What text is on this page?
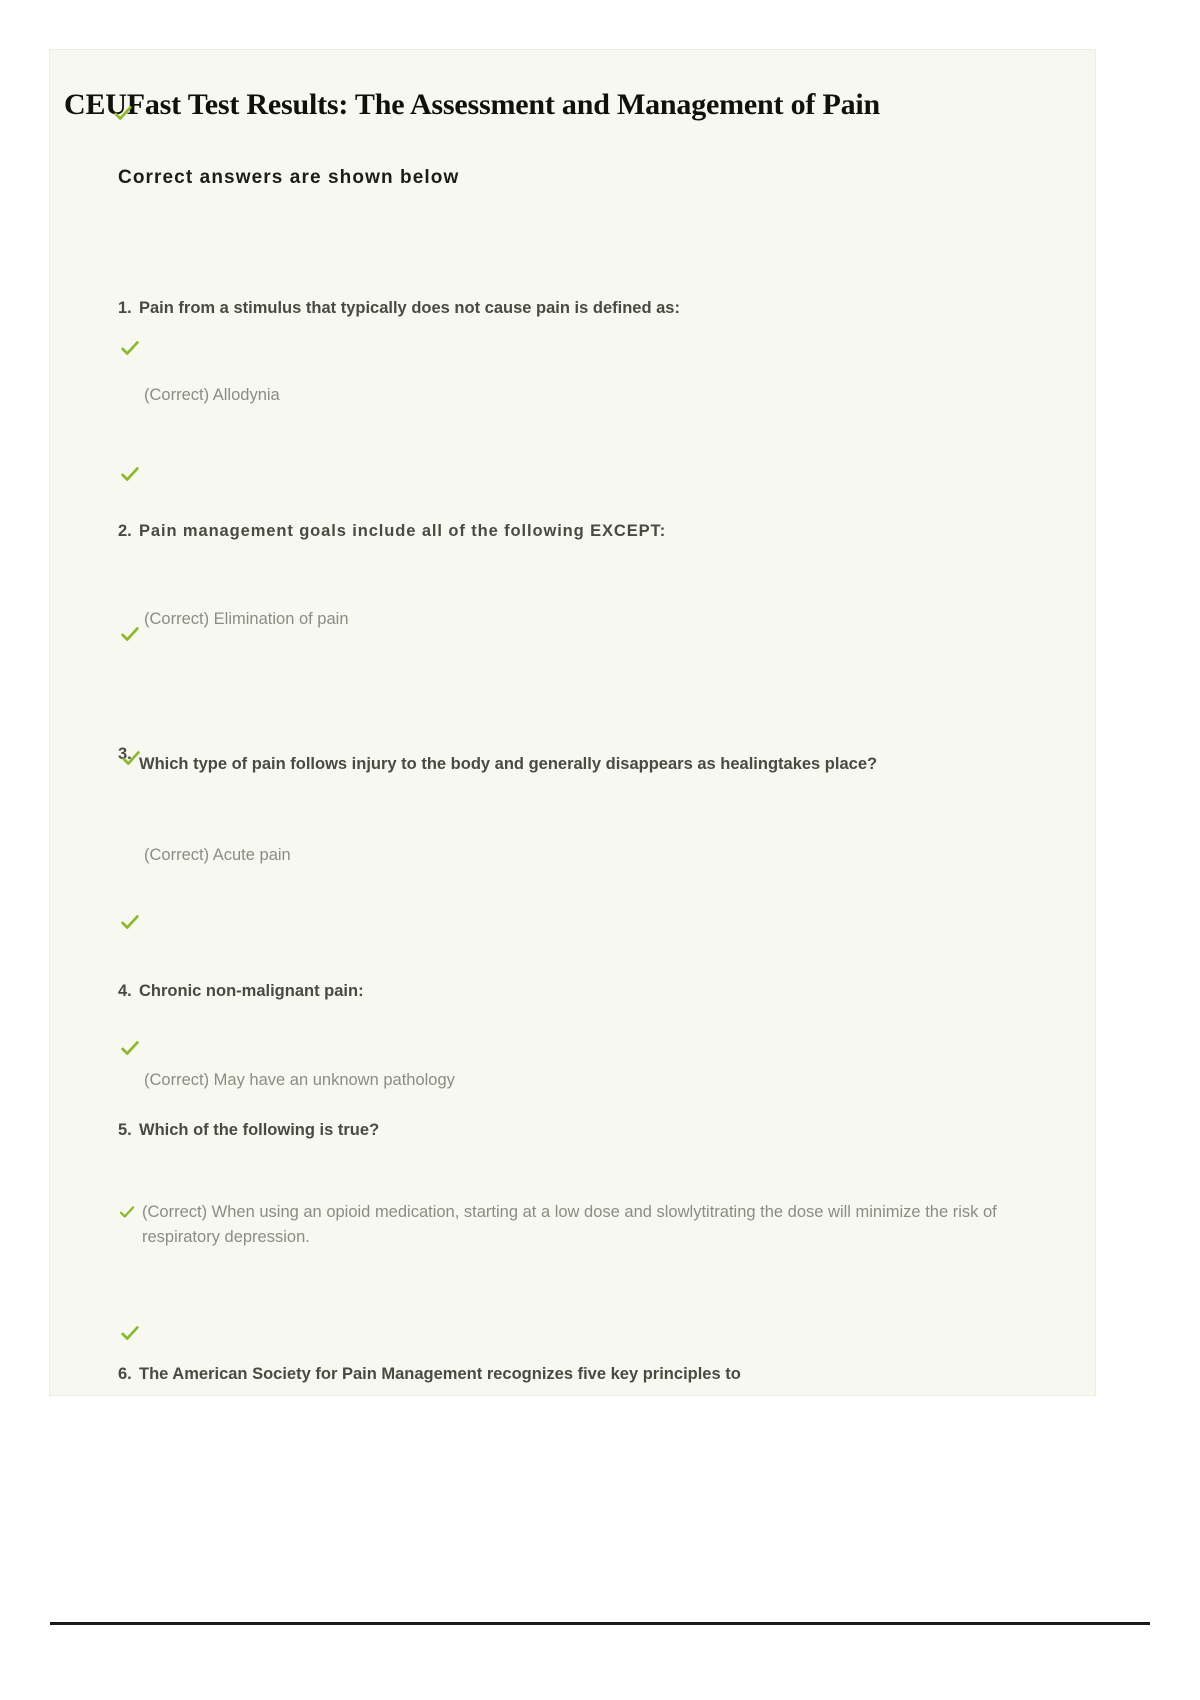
CEUFast Test Results: The Assessment and Management of Pain
Correct answers are shown below
1. Pain from a stimulus that typically does not cause pain is defined as:
(Correct) Allodynia
2. Pain management goals include all of the following EXCEPT:
(Correct) Elimination of pain
3.
Which type of pain follows injury to the body and generally disappears as healingtakes place?
(Correct) Acute pain
4. Chronic non-malignant pain:
(Correct) May have an unknown pathology
5. Which of the following is true?
(Correct) When using an opioid medication, starting at a low dose and slowlytitrating the dose will minimize the risk of respiratory depression.
6. The American Society for Pain Management recognizes five key principles to
